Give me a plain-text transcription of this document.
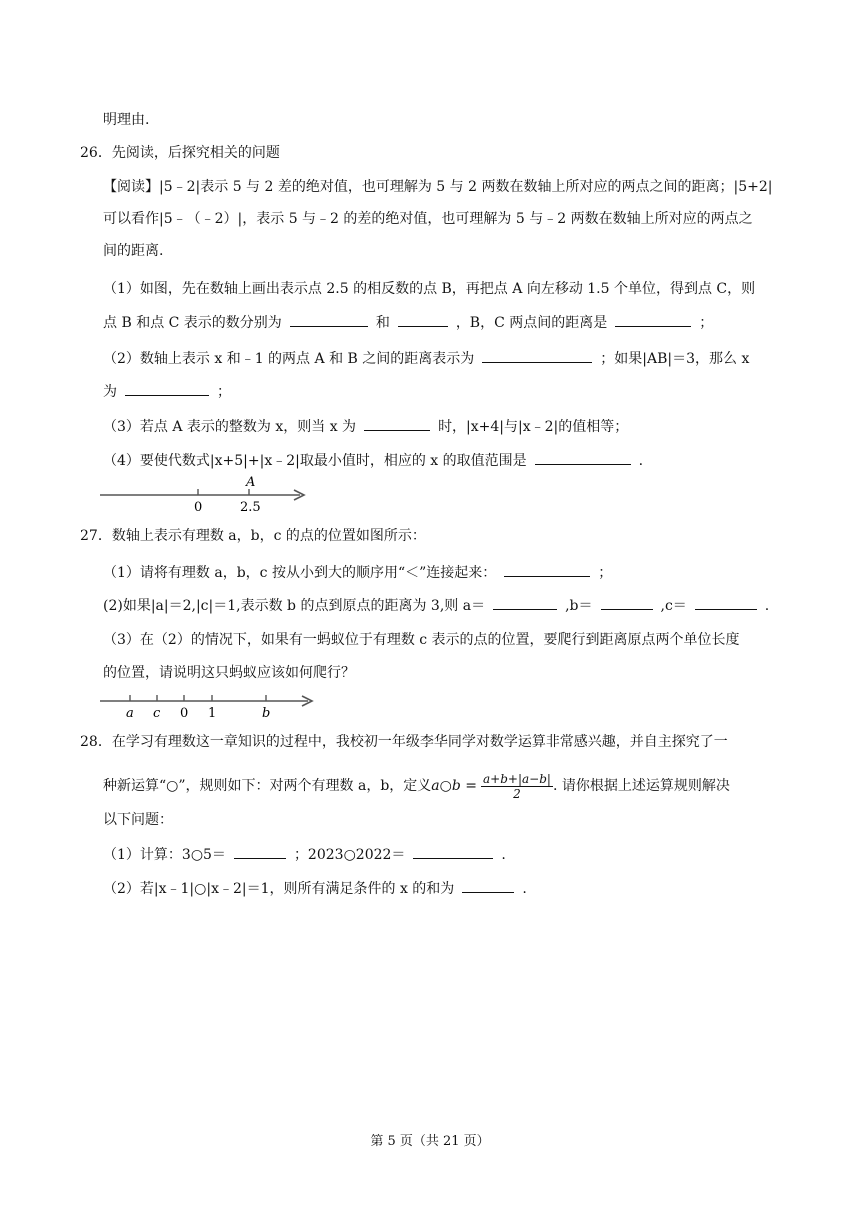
明理由.
26．先阅读，后探究相关的问题
【阅读】|5﹣2|表示 5 与 2 差的绝对值，也可理解为 5 与 2 两数在数轴上所对应的两点之间的距离；|5+2|
可以看作|5﹣（﹣2）|，表示 5 与﹣2 的差的绝对值，也可理解为 5 与﹣2 两数在数轴上所对应的两点之
间的距离.
（1）如图，先在数轴上画出表示点 2.5 的相反数的点 B，再把点 A 向左移动 1.5 个单位，得到点 C，则
点 B 和点 C 表示的数分别为	和	，B，C 两点间的距离是	；
（2）数轴上表示 x 和﹣1 的两点 A 和 B 之间的距离表示为	；如果|AB|＝3，那么 x
为	；
（3）若点 A 表示的整数为 x，则当 x 为	时，|x+4|与|x﹣2|的值相等；
（4）要使代数式|x+5|+|x﹣2|取最小值时，相应的 x 的取值范围是	.
0	2.5
A
27．数轴上表示有理数 a，b，c 的点的位置如图所示：
（1）请将有理数 a，b，c 按从小到大的顺序用“＜”连接起来：	；
(2)如果|a|＝2,|c|＝1,表示数 b 的点到原点的距离为 3,则 a＝	,b＝	,c＝	.
（3）在（2）的情况下，如果有一蚂蚁位于有理数 c 表示的点的位置，要爬行到距离原点两个单位长度
的位置，请说明这只蚂蚁应该如何爬行？
a c 0 1	b
28．在学习有理数这一章知识的过程中，我校初一年级李华同学对数学运算非常感兴趣，并自主探究了一
种新运算“○”，规则如下：对两个有理数 a，b，定义a○b = $\frac{a+b+|a-b|}{2}$ . 请你根据上述运算规则解决
以下问题：
（1）计算：3○5＝	；2023○2022＝	.
（2）若|x﹣1|○|x﹣2|＝1，则所有满足条件的 x 的和为	.
第 5 页（共 21 页）
